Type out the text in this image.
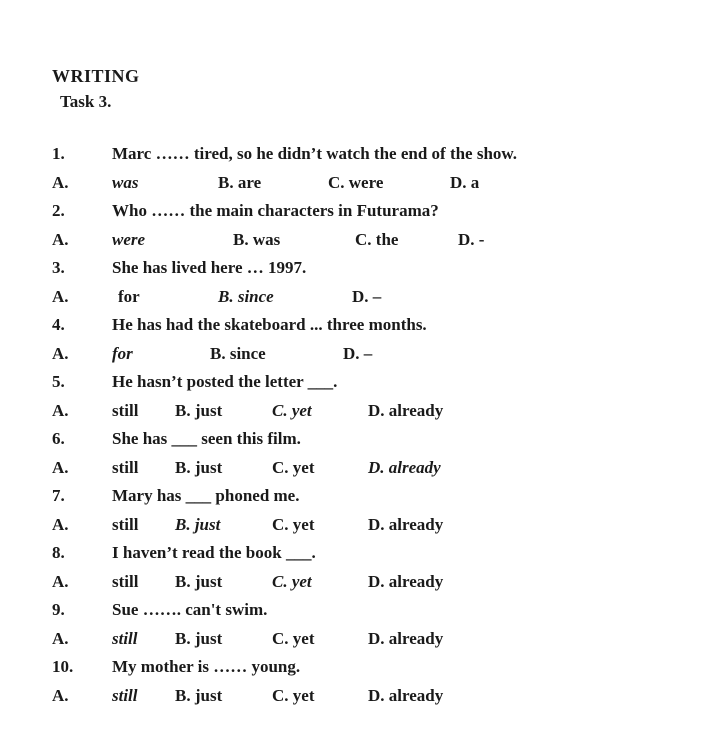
WRITING
Task 3.
1.	Marc …… tired, so he didn’t watch the end of the show.
A.	was	B. are	C. were	D. a
2.	Who …… the main characters in Futurama?
A.	were	B. was	C. the	D. -
3.	She has lived here … 1997.
A.	for	B. since	D. –
4.	He has had the skateboard ... three months.
A.	for	B. since	D. –
5.	He hasn’t posted the letter ___.
A.	still B. just	C. yet	D. already
6.	She has ___ seen this film.
A.	still B. just	C. yet	D. already
7.	Mary has ___ phoned me.
A.	still B. just	C. yet	D. already
8.	I haven’t read the book ___.
A.	still B. just	C. yet	D. already
9.	Sue ……. can't swim.
A.	still B. just	C. yet	D. already
10. My mother is …… young.
A.	still B. just	C. yet	D. already
